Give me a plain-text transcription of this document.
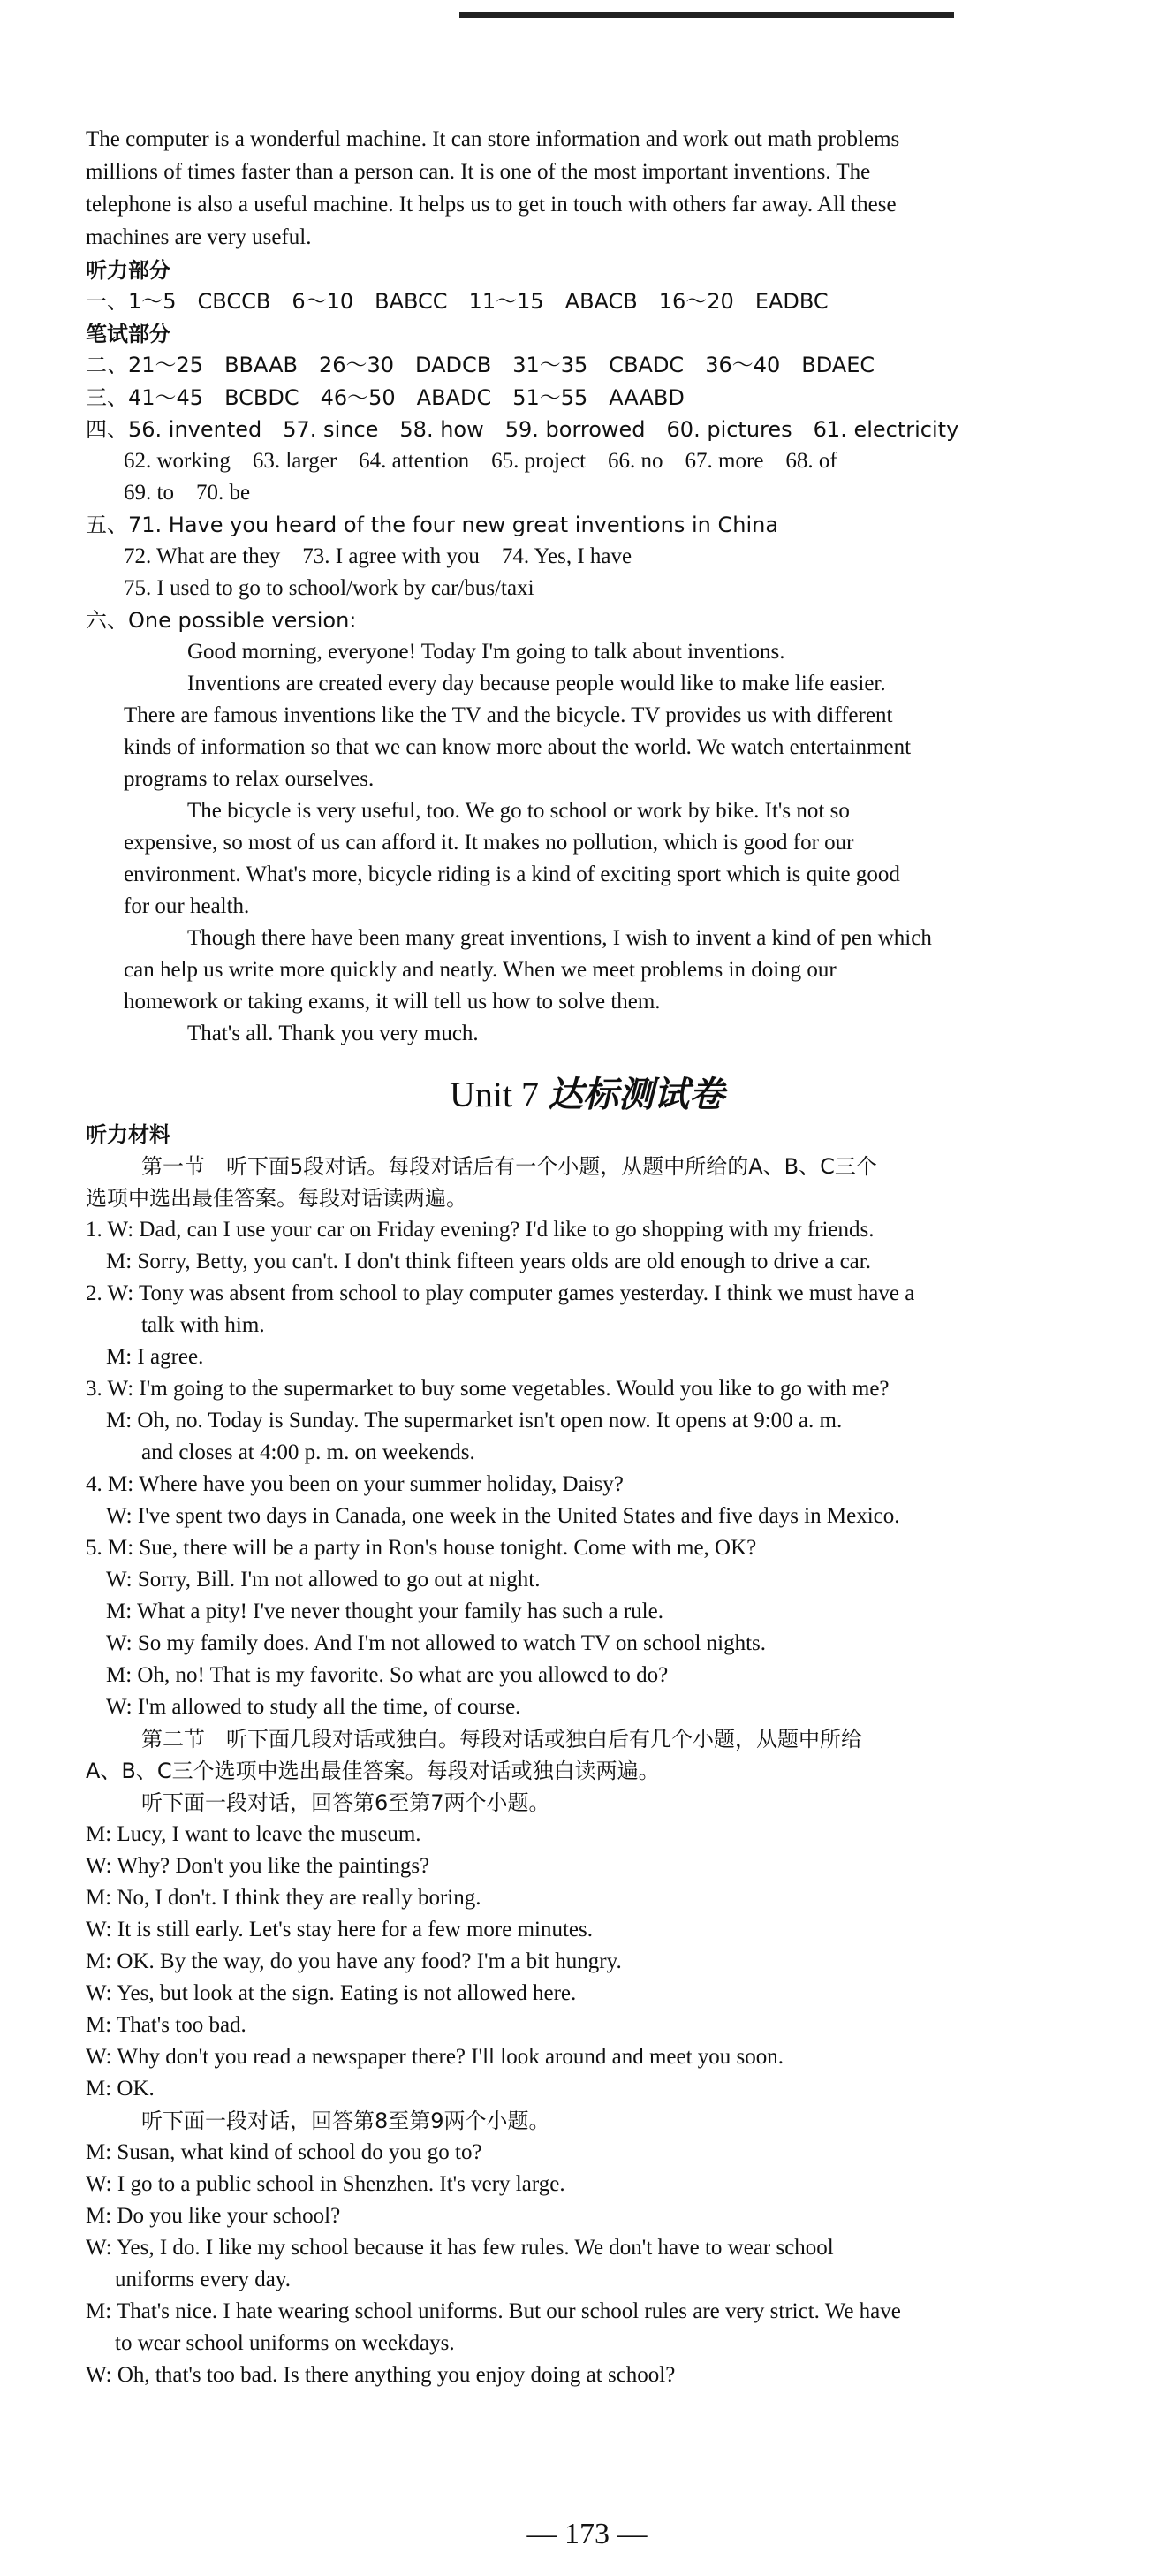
The computer is a wonderful machine. It can store information and work out math problems
millions of times faster than a person can. It is one of the most important inventions. The
telephone is also a useful machine. It helps us to get in touch with others far away. All these
machines are very useful.
听力部分
一、1～5　CBCCB　6～10　BABCC　11～15　ABACB　16～20　EADBC
笔试部分
二、21～25　BBAAB　26～30　DADCB　31～35　CBADC　36～40　BDAEC
三、41～45　BCBDC　46～50　ABADC　51～55　AAABD
四、56. invented　57. since　58. how　59. borrowed　60. pictures　61. electricity
62. working　63. larger　64. attention　65. project　66. no　67. more　68. of
69. to　70. be
五、71. Have you heard of the four new great inventions in China
72. What are they　73. I agree with you　74. Yes, I have
75. I used to go to school/work by car/bus/taxi
六、One possible version:
Good morning, everyone! Today I'm going to talk about inventions.
Inventions are created every day because people would like to make life easier.
There are famous inventions like the TV and the bicycle. TV provides us with different
kinds of information so that we can know more about the world. We watch entertainment
programs to relax ourselves.
The bicycle is very useful, too. We go to school or work by bike. It's not so
expensive, so most of us can afford it. It makes no pollution, which is good for our
environment. What's more, bicycle riding is a kind of exciting sport which is quite good
for our health.
Though there have been many great inventions, I wish to invent a kind of pen which
can help us write more quickly and neatly. When we meet problems in doing our
homework or taking exams, it will tell us how to solve them.
That's all. Thank you very much.
听力材料
第一节　听下面5段对话。每段对话后有一个小题，从题中所给的A、B、C三个
选项中选出最佳答案。每段对话读两遍。
1. W: Dad, can I use your car on Friday evening? I'd like to go shopping with my friends.
M: Sorry, Betty, you can't. I don't think fifteen years olds are old enough to drive a car.
2. W: Tony was absent from school to play computer games yesterday. I think we must have a
talk with him.
M: I agree.
3. W: I'm going to the supermarket to buy some vegetables. Would you like to go with me?
M: Oh, no. Today is Sunday. The supermarket isn't open now. It opens at 9:00 a. m.
and closes at 4:00 p. m. on weekends.
4. M: Where have you been on your summer holiday, Daisy?
W: I've spent two days in Canada, one week in the United States and five days in Mexico.
5. M: Sue, there will be a party in Ron's house tonight. Come with me, OK?
W: Sorry, Bill. I'm not allowed to go out at night.
M: What a pity! I've never thought your family has such a rule.
W: So my family does. And I'm not allowed to watch TV on school nights.
M: Oh, no! That is my favorite. So what are you allowed to do?
W: I'm allowed to study all the time, of course.
第二节　听下面几段对话或独白。每段对话或独白后有几个小题，从题中所给
A、B、C三个选项中选出最佳答案。每段对话或独白读两遍。
听下面一段对话，回答第6至第7两个小题。
M: Lucy, I want to leave the museum.
W: Why? Don't you like the paintings?
M: No, I don't. I think they are really boring.
W: It is still early. Let's stay here for a few more minutes.
M: OK. By the way, do you have any food? I'm a bit hungry.
W: Yes, but look at the sign. Eating is not allowed here.
M: That's too bad.
W: Why don't you read a newspaper there? I'll look around and meet you soon.
M: OK.
听下面一段对话，回答第8至第9两个小题。
M: Susan, what kind of school do you go to?
W: I go to a public school in Shenzhen. It's very large.
M: Do you like your school?
W: Yes, I do. I like my school because it has few rules. We don't have to wear school
uniforms every day.
M: That's nice. I hate wearing school uniforms. But our school rules are very strict. We have
to wear school uniforms on weekdays.
W: Oh, that's too bad. Is there anything you enjoy doing at school?
Unit 7 达标测试卷
— 173 —
